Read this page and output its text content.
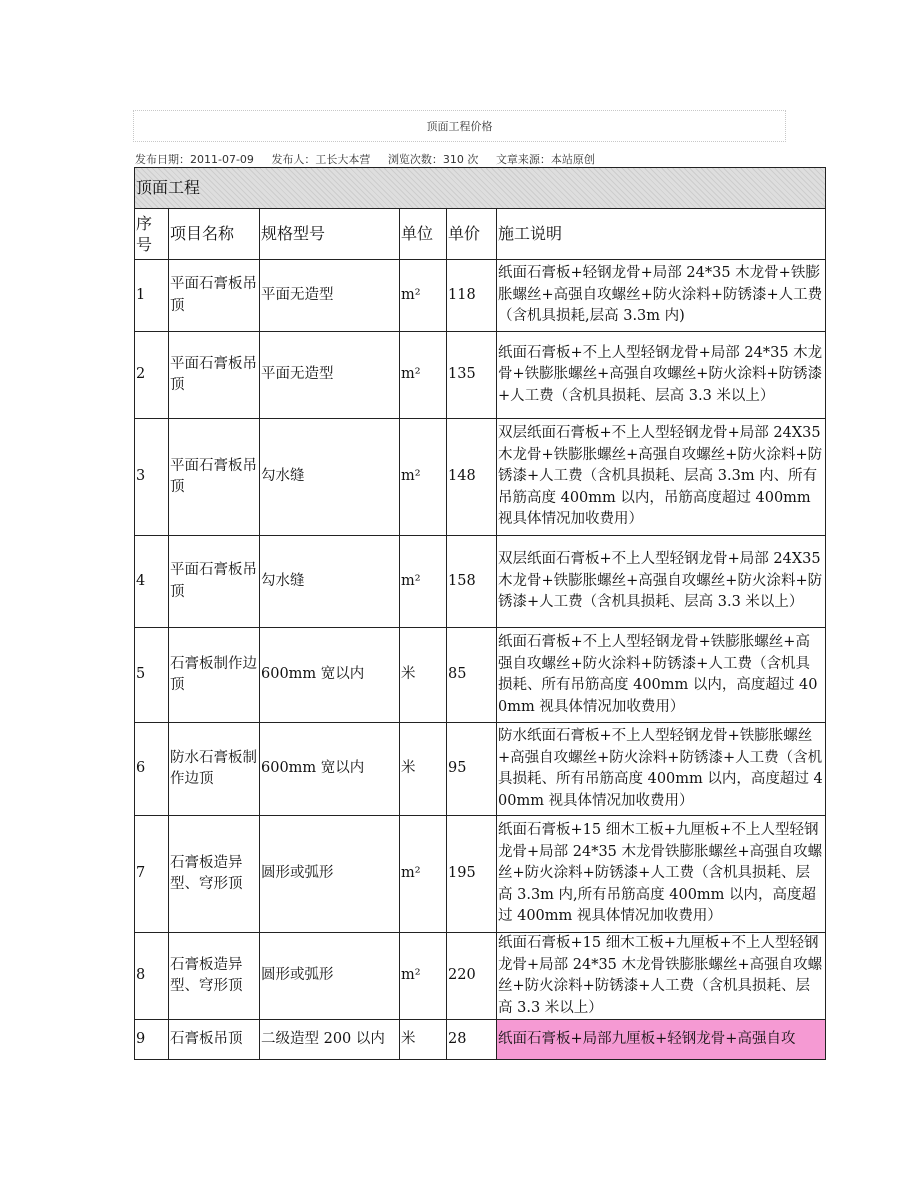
顶面工程价格
发布日期：2011-07-09 发布人：工长大本营 浏览次数：310 次 文章来源：本站原创
顶面工程					
序号	项目名称	规格型号	单位	单价	施工说明
1	平面石膏板吊顶	平面无造型	m²	118	纸面石膏板+轻钢龙骨+局部 24*35 木龙骨+铁膨胀螺丝+高强自攻螺丝+防火涂料+防锈漆+人工费（含机具损耗,层高 3.3m 内)
2	平面石膏板吊顶	平面无造型	m²	135	纸面石膏板+不上人型轻钢龙骨+局部 24*35 木龙骨+铁膨胀螺丝+高强自攻螺丝+防火涂料+防锈漆+人工费（含机具损耗、层高 3.3 米以上）
3	平面石膏板吊顶	勾水缝	m²	148	双层纸面石膏板+不上人型轻钢龙骨+局部 24X35 木龙骨+铁膨胀螺丝+高强自攻螺丝+防火涂料+防锈漆+人工费（含机具损耗、层高 3.3m 内、所有吊筋高度 400mm 以内，吊筋高度超过 400mm 视具体情况加收费用）
4	平面石膏板吊顶	勾水缝	m²	158	双层纸面石膏板+不上人型轻钢龙骨+局部 24X35 木龙骨+铁膨胀螺丝+高强自攻螺丝+防火涂料+防锈漆+人工费（含机具损耗、层高 3.3 米以上）
5	石膏板制作边顶	600mm 宽以内	米	85	纸面石膏板+不上人型轻钢龙骨+铁膨胀螺丝+高强自攻螺丝+防火涂料+防锈漆+人工费（含机具损耗、所有吊筋高度 400mm 以内，高度超过 400mm 视具体情况加收费用）
6	防水石膏板制作边顶	600mm 宽以内	米	95	防水纸面石膏板+不上人型轻钢龙骨+铁膨胀螺丝+高强自攻螺丝+防火涂料+防锈漆+人工费（含机具损耗、所有吊筋高度 400mm 以内，高度超过 400mm 视具体情况加收费用）
7	石膏板造异型、穹形顶	圆形或弧形	m²	195	纸面石膏板+15 细木工板+九厘板+不上人型轻钢龙骨+局部 24*35 木龙骨铁膨胀螺丝+高强自攻螺丝+防火涂料+防锈漆+人工费（含机具损耗、层高 3.3m 内,所有吊筋高度 400mm 以内，高度超过 400mm 视具体情况加收费用）
8	石膏板造异型、穹形顶	圆形或弧形	m²	220	纸面石膏板+15 细木工板+九厘板+不上人型轻钢龙骨+局部 24*35 木龙骨铁膨胀螺丝+高强自攻螺丝+防火涂料+防锈漆+人工费（含机具损耗、层高 3.3 米以上）
9	石膏板吊顶	二级造型 200 以内	米	28	纸面石膏板+局部九厘板+轻钢龙骨+高强自攻
